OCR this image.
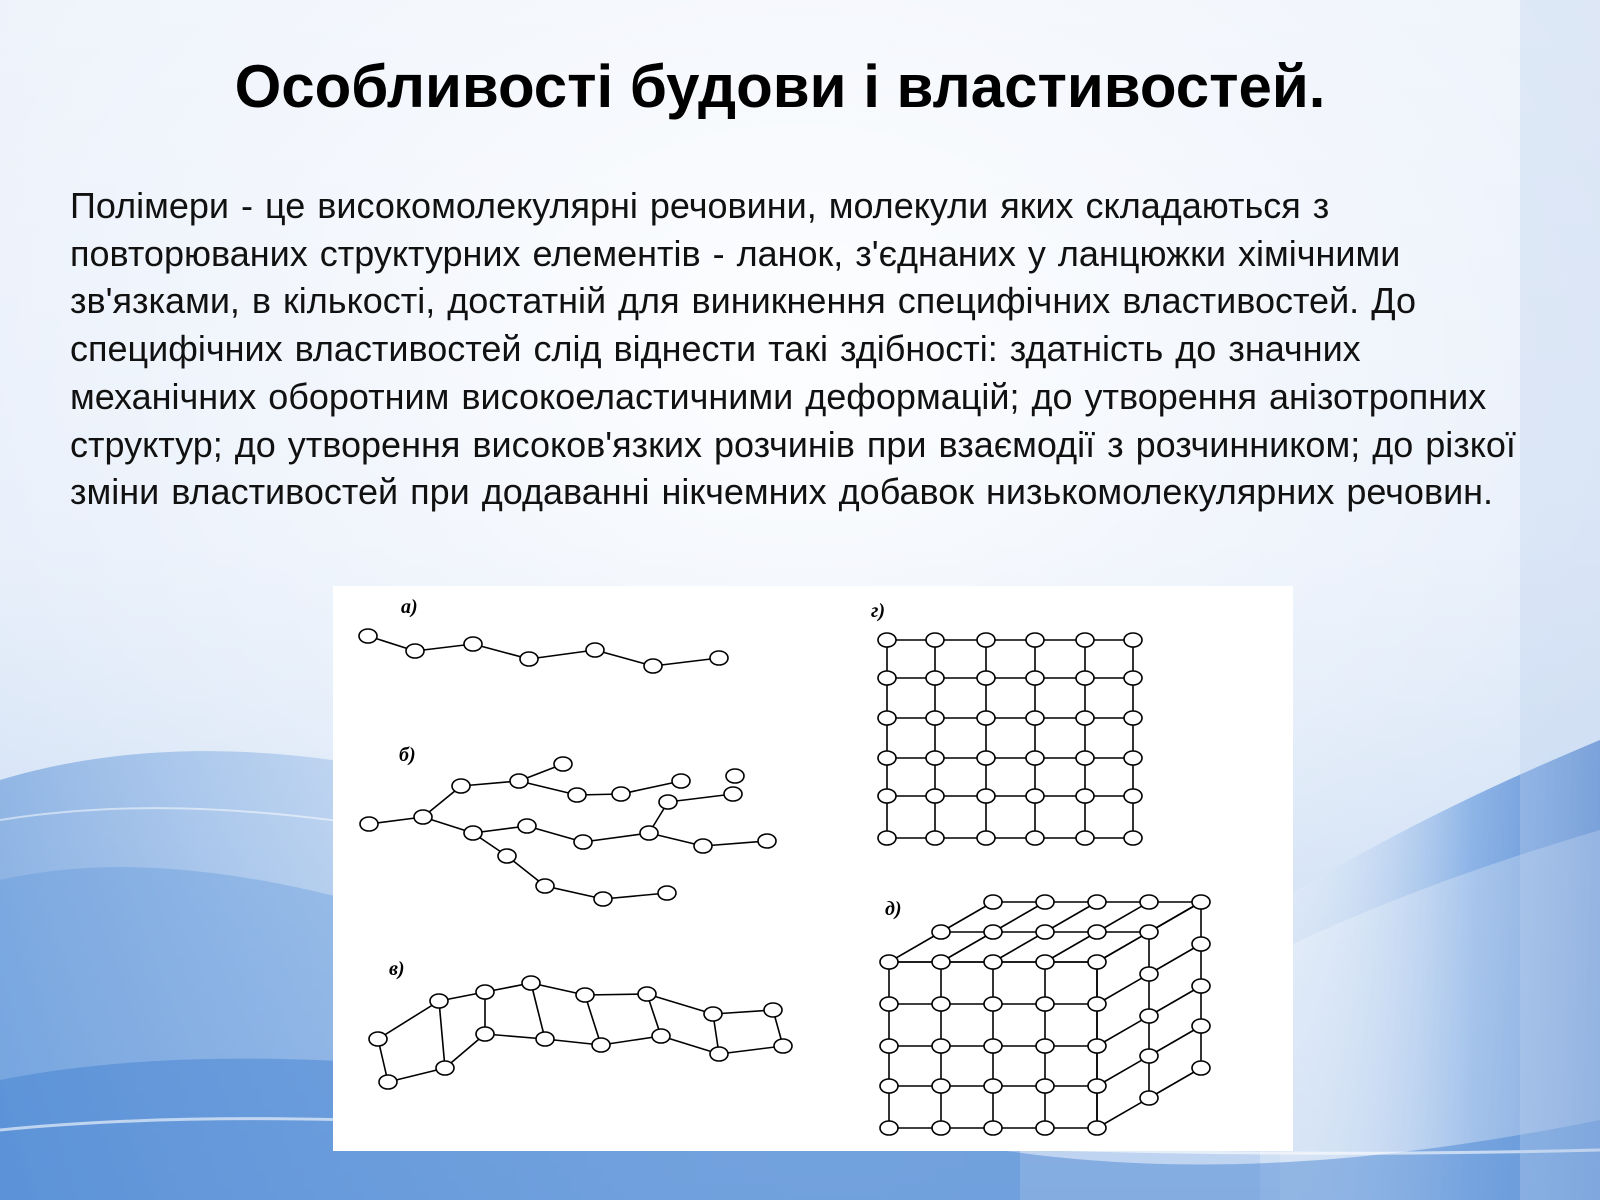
Особливості будови і властивостей.

Полімери - це високомолекулярні речовини, молекули яких складаються з повторюваних структурних елементів - ланок, з'єднаних у ланцюжки хімічними зв'язками, в кількості, достатній для виникнення специфічних властивостей. До специфічних властивостей слід віднести такі здібності: здатність до значних механічних оборотним високоеластичними деформацій; до утворення анізотропних структур; до утворення високов'язких розчинів при взаємодії з розчинником; до різкої зміни властивостей при додаванні нікчемних добавок низькомолекулярних речовин.

а)
б)
в)
г)
д)
